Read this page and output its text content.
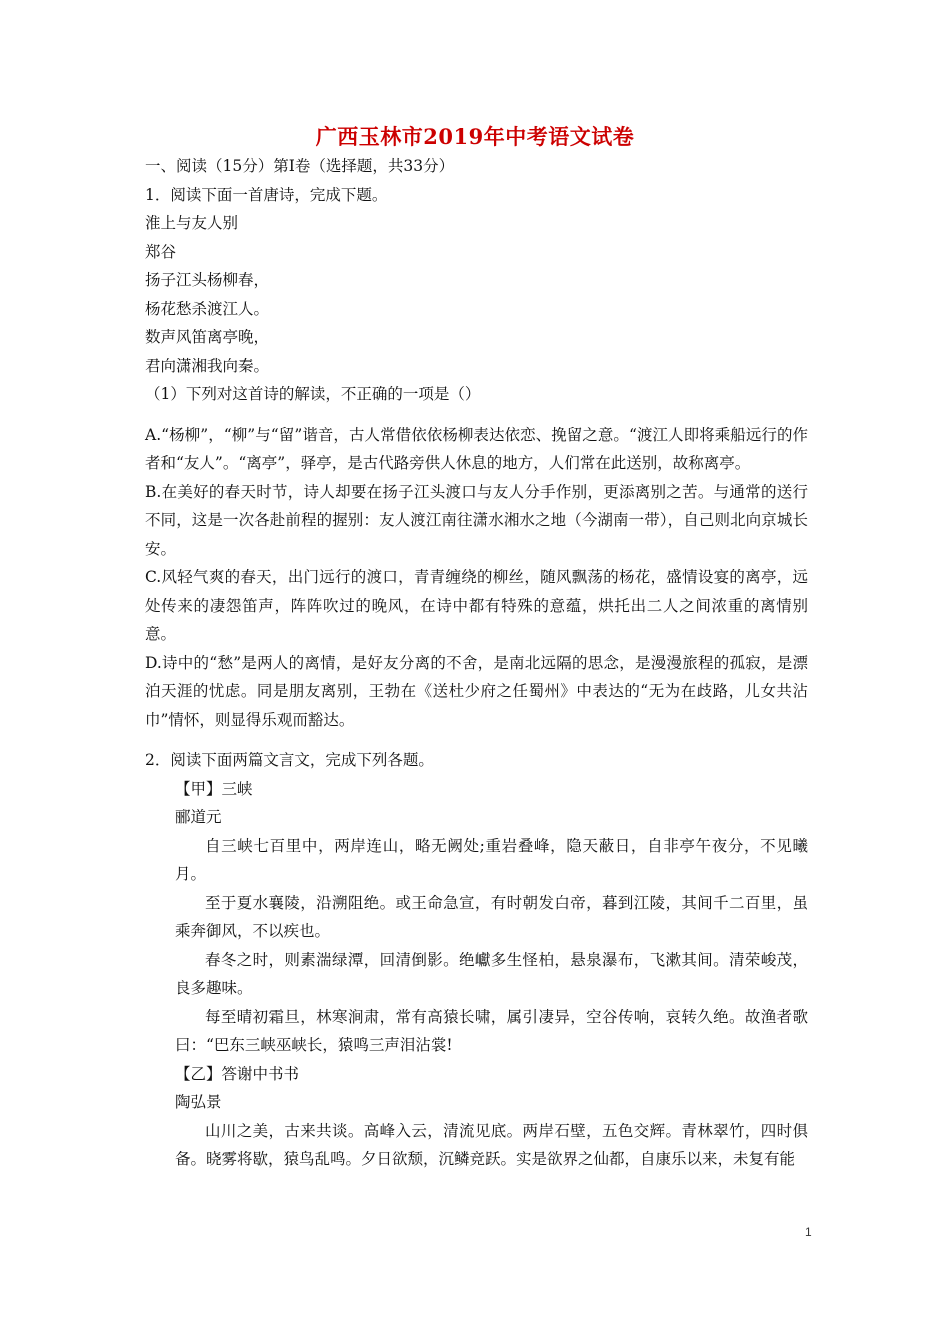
广西玉林市2019年中考语文试卷
一、阅读（15分）第Ⅰ卷（选择题，共33分）
1．阅读下面一首唐诗，完成下题。
淮上与友人别
郑谷
扬子江头杨柳春，
杨花愁杀渡江人。
数声风笛离亭晚，
君向潇湘我向秦。
（1）下列对这首诗的解读，不正确的一项是（）
A.“杨柳”，“柳”与“留”谐音，古人常借依依杨柳表达依恋、挽留之意。“渡江人即将乘船远行的作者和“友人”。“离亭”，驿亭，是古代路旁供人休息的地方，人们常在此送别，故称离亭。
B.在美好的春天时节，诗人却要在扬子江头渡口与友人分手作别，更添离别之苦。与通常的送行不同，这是一次各赴前程的握别：友人渡江南往潇水湘水之地（今湖南一带），自己则北向京城长安。
C.风轻气爽的春天，出门远行的渡口，青青缠绕的柳丝，随风飘荡的杨花，盛情设宴的离亭，远处传来的凄怨笛声，阵阵吹过的晚风，在诗中都有特殊的意蕴，烘托出二人之间浓重的离情别意。
D.诗中的“愁”是两人的离情，是好友分离的不舍，是南北远隔的思念，是漫漫旅程的孤寂，是漂泊天涯的忧虑。同是朋友离别，王勃在《送杜少府之任蜀州》中表达的“无为在歧路，儿女共沾巾”情怀，则显得乐观而豁达。
2．阅读下面两篇文言文，完成下列各题。
【甲】三峡
郦道元
自三峡七百里中，两岸连山，略无阙处;重岩叠峰，隐天蔽日，自非亭午夜分，不见曦月。
至于夏水襄陵，沿溯阻绝。或王命急宣，有时朝发白帝，暮到江陵，其间千二百里，虽乘奔御风，不以疾也。
春冬之时，则素湍绿潭，回清倒影。绝巘多生怪柏，悬泉瀑布，飞漱其间。清荣峻茂，良多趣味。
每至晴初霜旦，林寒涧肃，常有高猿长啸，属引凄异，空谷传响，哀转久绝。故渔者歌曰：“巴东三峡巫峡长，猿鸣三声泪沾裳!
【乙】答谢中书书
陶弘景
山川之美，古来共谈。高峰入云，清流见底。两岸石壁，五色交辉。青林翠竹，四时俱备。晓雾将歇，猿鸟乱鸣。夕日欲颓，沉鳞竞跃。实是欲界之仙都，自康乐以来，未复有能
1
